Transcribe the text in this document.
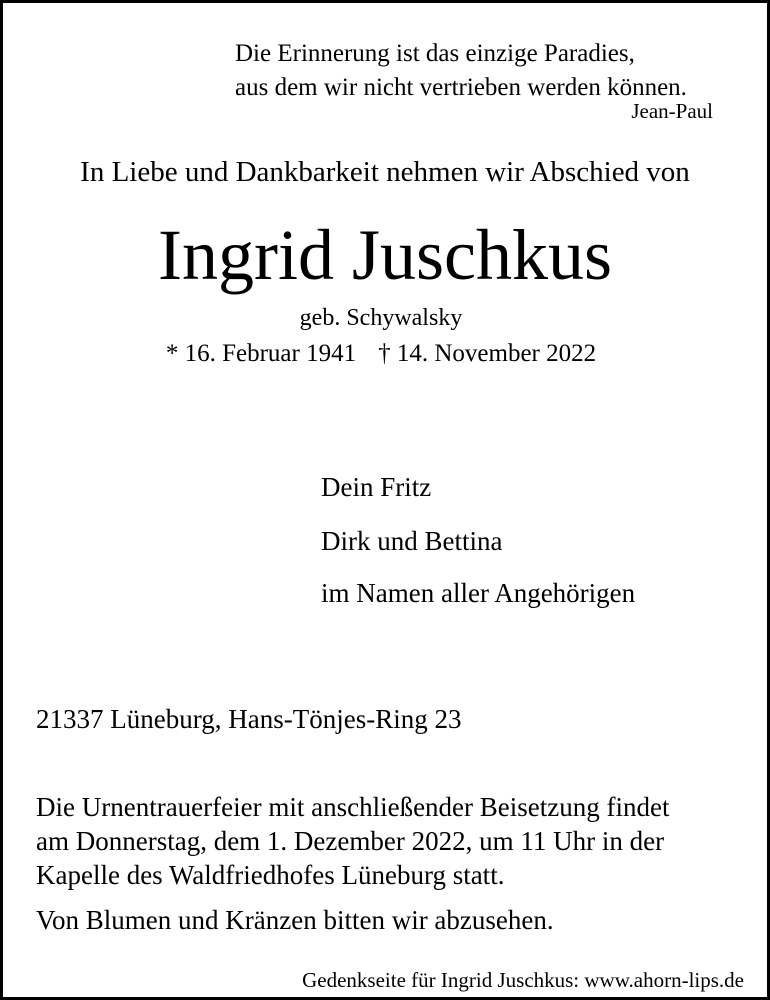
Die Erinnerung ist das einzige Paradies,
aus dem wir nicht vertrieben werden können.
Jean-Paul
In Liebe und Dankbarkeit nehmen wir Abschied von
Ingrid Juschkus
geb. Schywalsky
* 16. Februar 1941 † 14. November 2022
Dein Fritz
Dirk und Bettina
im Namen aller Angehörigen
21337 Lüneburg, Hans-Tönjes-Ring 23
Die Urnentrauerfeier mit anschließender Beisetzung findet
am Donnerstag, dem 1. Dezember 2022, um 11 Uhr in der
Kapelle des Waldfriedhofes Lüneburg statt.
Von Blumen und Kränzen bitten wir abzusehen.
Gedenkseite für Ingrid Juschkus: www.ahorn-lips.de
